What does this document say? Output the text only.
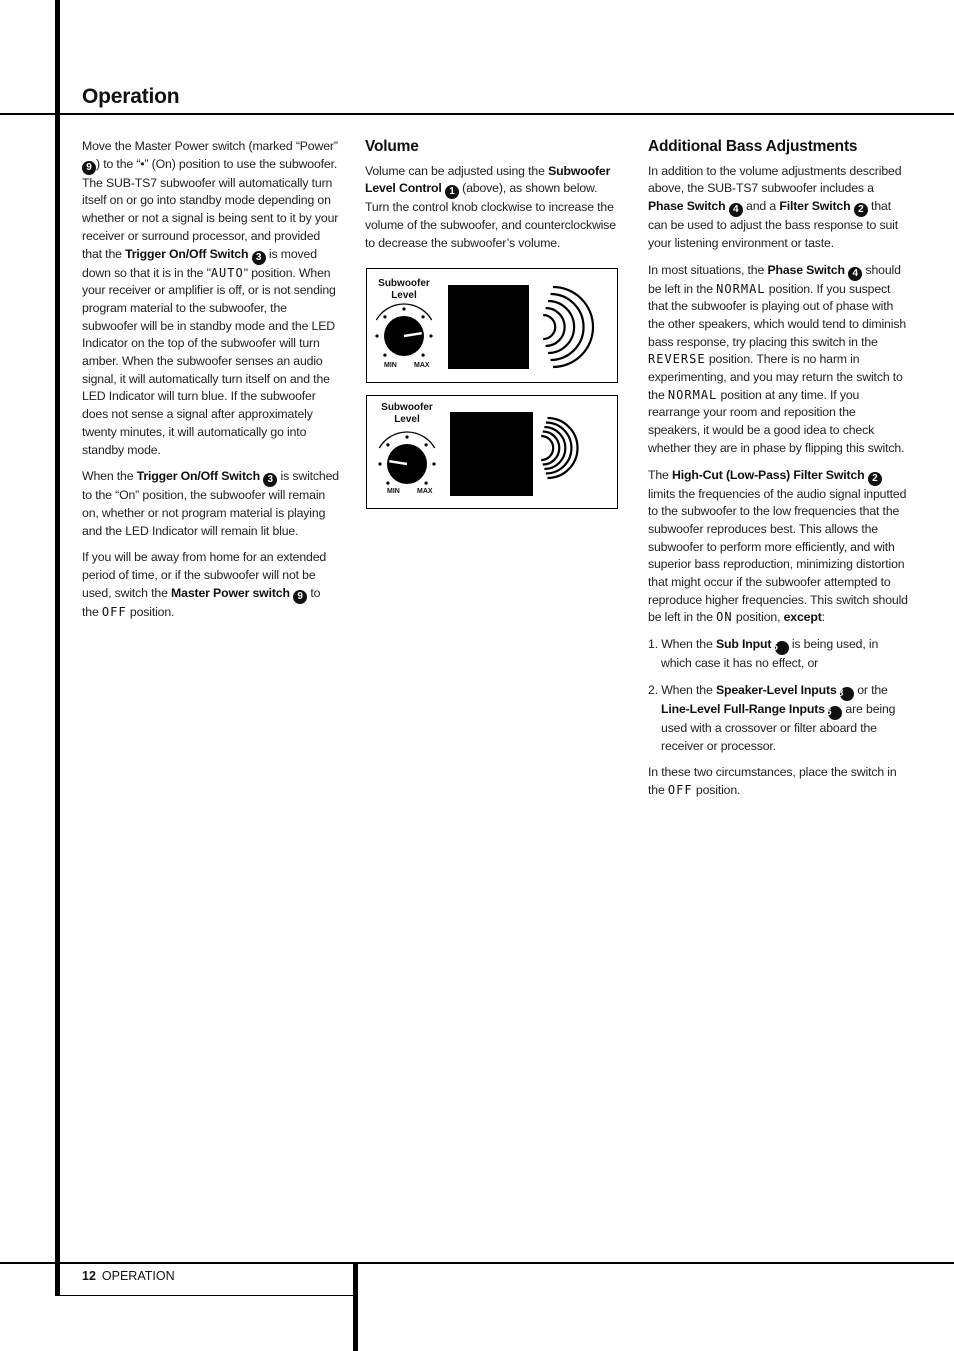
Operation

Move the Master Power switch (marked “Power” 9 ) to the “•” (On) position to use the subwoofer. The SUB-TS7 subwoofer will automatically turn itself on or go into standby mode depending on whether or not a signal is being sent to it by your receiver or surround processor, and provided that the Trigger On/Off Switch 3 is moved down so that it is in the "AUTO" position. When your receiver or amplifier is off, or is not sending program material to the subwoofer, the subwoofer will be in standby mode and the LED Indicator on the top of the subwoofer will turn amber. When the subwoofer senses an audio signal, it will automatically turn itself on and the LED Indicator will turn blue. If the subwoofer does not sense a signal after approximately twenty minutes, it will automatically go into standby mode.

When the Trigger On/Off Switch 3 is switched to the “On” position, the subwoofer will remain on, whether or not program material is playing and the LED Indicator will remain lit blue.

If you will be away from home for an extended period of time, or if the subwoofer will not be used, switch the Master Power switch 9 to the OFF position.

Volume

Volume can be adjusted using the Subwoofer Level Control 1 (above), as shown below. Turn the control knob clockwise to increase the volume of the subwoofer, and counterclockwise to decrease the subwoofer’s volume.

Subwoofer
Level
MIN MAX
Subwoofer
Level
MIN MAX
Additional Bass Adjustments

In addition to the volume adjustments described above, the SUB-TS7 subwoofer includes a Phase Switch 4 and a Filter Switch 2 that can be used to adjust the bass response to suit your listening environment or taste.

In most situations, the Phase Switch 4 should be left in the NORMAL position. If you suspect that the subwoofer is playing out of phase with the other speakers, which would tend to diminish bass response, try placing this switch in the REVERSE position. There is no harm in experimenting, and you may return the switch to the NORMAL position at any time. If you rearrange your room and reposition the speakers, it would be a good idea to check whether they are in phase by flipping this switch.

The High-Cut (Low-Pass) Filter Switch 2 limits the frequencies of the audio signal inputted to the subwoofer to the low frequencies that the subwoofer reproduces best. This allows the subwoofer to perform more efficiently, and with superior bass reproduction, minimizing distortion that might occur if the subwoofer attempted to reproduce higher frequencies. This switch should be left in the ON position, except:

1. When the Sub Input 5 is being used, in which case it has no effect, or

2. When the Speaker-Level Inputs 8 or the Line-Level Full-Range Inputs 6 are being used with a crossover or filter aboard the receiver or processor.

In these two circumstances, place the switch in the OFF position.

12 OPERATION
